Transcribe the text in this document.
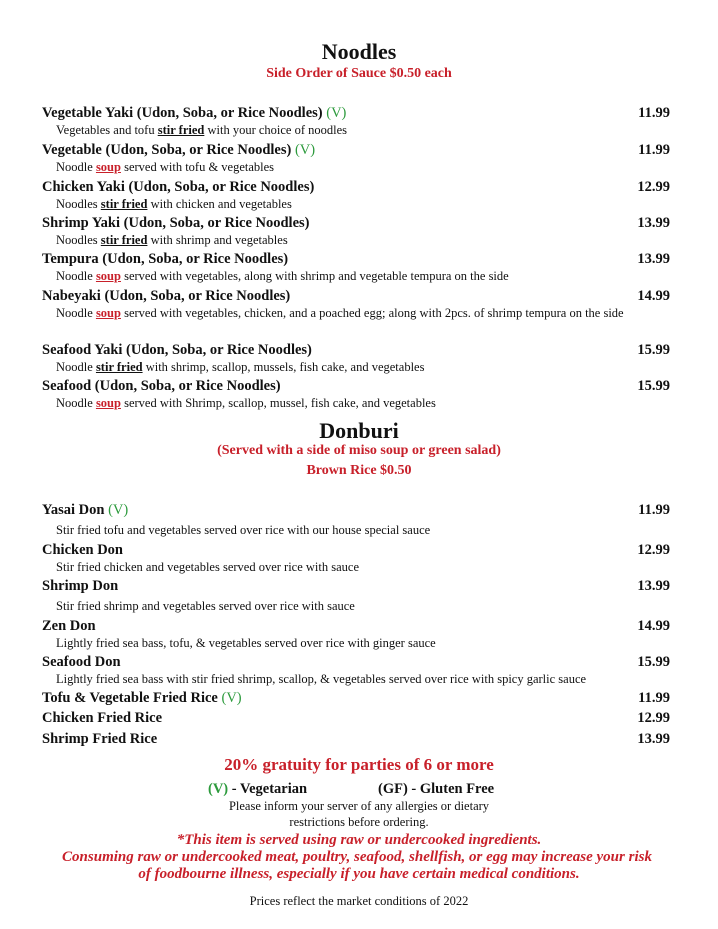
Noodles
Side Order of Sauce $0.50 each
Vegetable Yaki (Udon, Soba, or Rice Noodles) (V)	11.99
Vegetables and tofu stir fried with your choice of noodles
Vegetable (Udon, Soba, or Rice Noodles) (V)	11.99
Noodle soup served with tofu & vegetables
Chicken Yaki (Udon, Soba, or Rice Noodles)	12.99
Noodles stir fried with chicken and vegetables
Shrimp Yaki (Udon, Soba, or Rice Noodles)	13.99
Noodles stir fried with shrimp and vegetables
Tempura (Udon, Soba, or Rice Noodles)	13.99
Noodle soup served with vegetables, along with shrimp and vegetable tempura on the side
Nabeyaki (Udon, Soba, or Rice Noodles)	14.99
Noodle soup served with vegetables, chicken, and a poached egg; along with 2pcs. of shrimp tempura on the side
Seafood Yaki (Udon, Soba, or Rice Noodles)	15.99
Noodle stir fried with shrimp, scallop, mussels, fish cake, and vegetables
Seafood (Udon, Soba, or Rice Noodles)	15.99
Noodle soup served with Shrimp, scallop, mussel, fish cake, and vegetables
Donburi
(Served with a side of miso soup or green salad)
Brown Rice $0.50
Yasai Don (V)	11.99
Stir fried tofu and vegetables served over rice with our house special sauce
Chicken Don	12.99
Stir fried chicken and vegetables served over rice with sauce
Shrimp Don	13.99
Stir fried shrimp and vegetables served over rice with sauce
Zen Don	14.99
Lightly fried sea bass, tofu, & vegetables served over rice with ginger sauce
Seafood Don	15.99
Lightly fried sea bass with stir fried shrimp, scallop, & vegetables served over rice with spicy garlic sauce
Tofu & Vegetable Fried Rice (V)	11.99
Chicken Fried Rice	12.99
Shrimp Fried Rice	13.99
20% gratuity for parties of 6 or more
(V) - Vegetarian	(GF) - Gluten Free
Please inform your server of any allergies or dietary
restrictions before ordering.
*This item is served using raw or undercooked ingredients.
Consuming raw or undercooked meat, poultry, seafood, shellfish, or egg may increase your risk
of foodbourne illness, especially if you have certain medical conditions.
Prices reflect the market conditions of 2022
